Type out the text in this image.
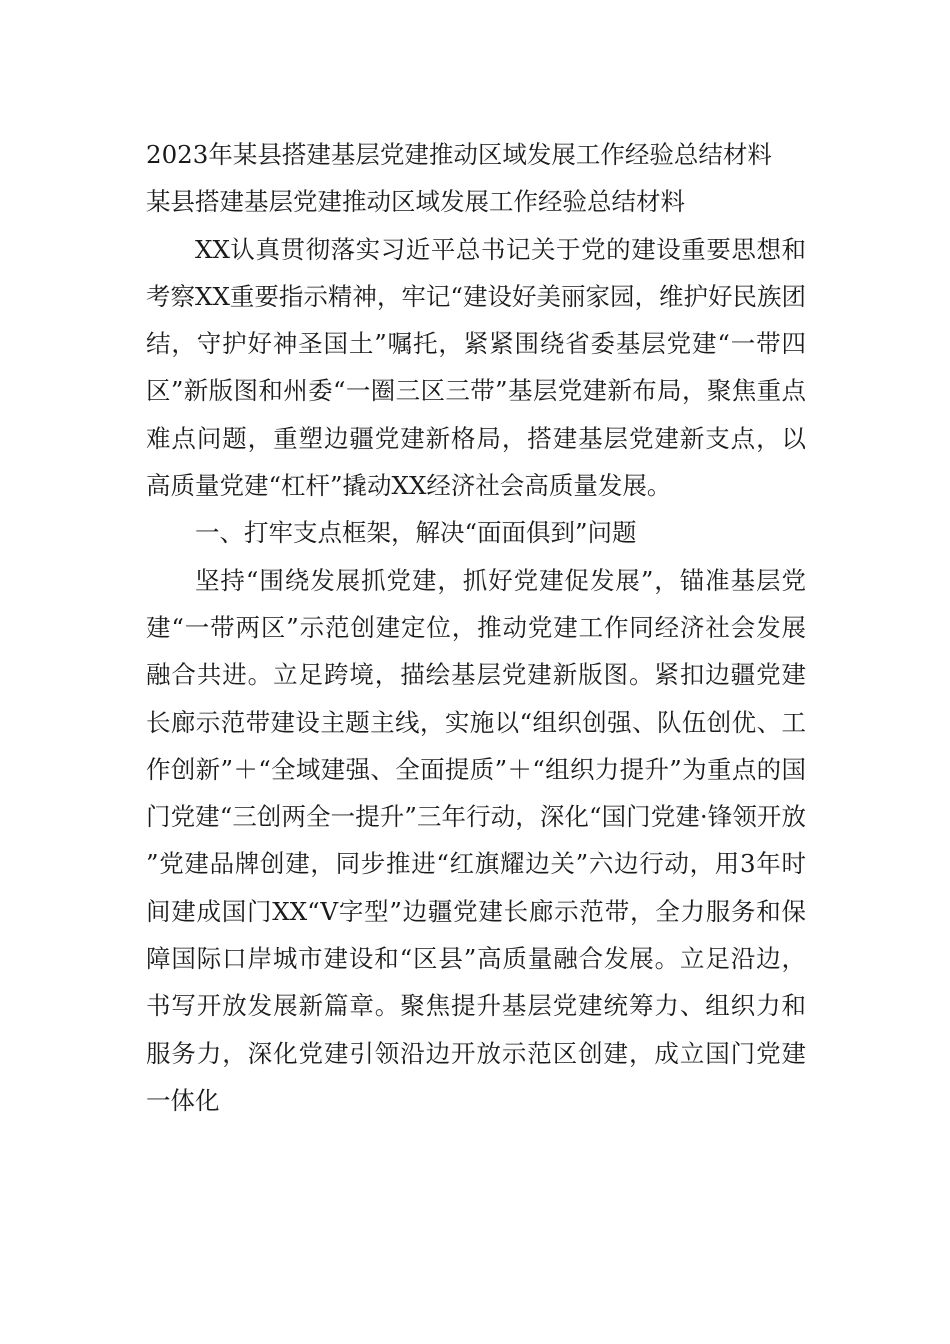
2023年某县搭建基层党建推动区域发展工作经验总结材料

某县搭建基层党建推动区域发展工作经验总结材料

XX认真贯彻落实习近平总书记关于党的建设重要思想和考察XX重要指示精神，牢记“建设好美丽家园，维护好民族团结，守护好神圣国土”嘱托，紧紧围绕省委基层党建“一带四区”新版图和州委“一圈三区三带”基层党建新布局，聚焦重点难点问题，重塑边疆党建新格局，搭建基层党建新支点，以高质量党建“杠杆”撬动XX经济社会高质量发展。

一、打牢支点框架，解决“面面俱到”问题

坚持“围绕发展抓党建，抓好党建促发展”，锚准基层党建“一带两区”示范创建定位，推动党建工作同经济社会发展融合共进。立足跨境，描绘基层党建新版图。紧扣边疆党建长廊示范带建设主题主线，实施以“组织创强、队伍创优、工作创新”＋“全域建强、全面提质”＋“组织力提升”为重点的国门党建“三创两全一提升”三年行动，深化“国门党建·锋领开放”党建品牌创建，同步推进“红旗耀边关”六边行动，用3年时间建成国门XX“V字型”边疆党建长廊示范带，全力服务和保障国际口岸城市建设和“区县”高质量融合发展。立足沿边，书写开放发展新篇章。聚焦提升基层党建统筹力、组织力和服务力，深化党建引领沿边开放示范区创建，成立国门党建一体化
